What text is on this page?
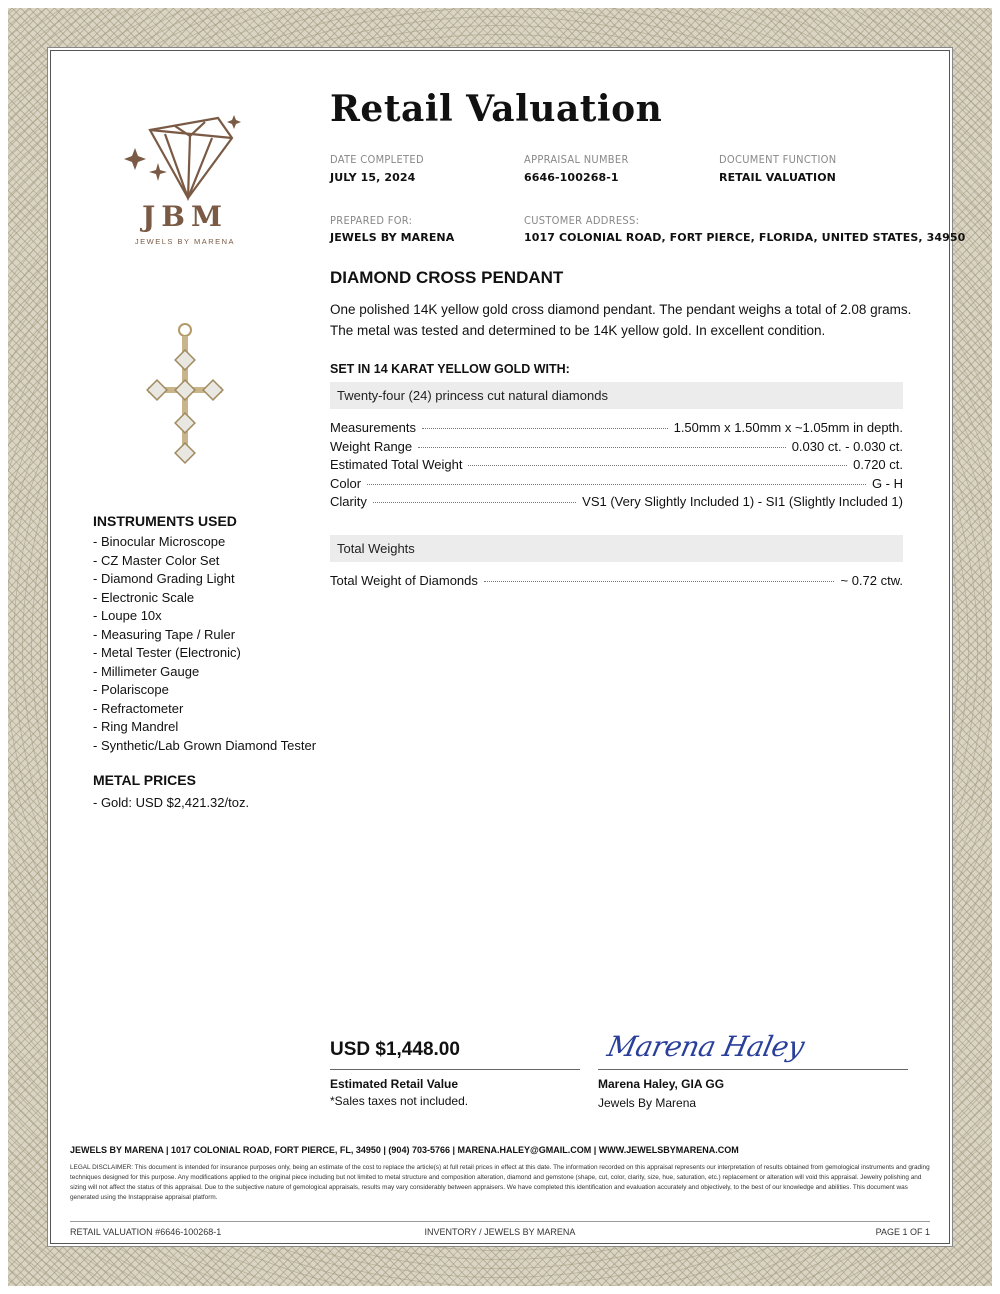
JBM
JEWELS BY MARENA
Retail Valuation
DATE COMPLETED
JULY 15, 2024
APPRAISAL NUMBER
6646-100268-1
DOCUMENT FUNCTION
RETAIL VALUATION
PREPARED FOR:
JEWELS BY MARENA
CUSTOMER ADDRESS:
1017 COLONIAL ROAD, FORT PIERCE, FLORIDA, UNITED STATES, 34950
DIAMOND CROSS PENDANT
One polished 14K yellow gold cross diamond pendant. The pendant weighs a total of 2.08 grams. The metal was tested and determined to be 14K yellow gold. In excellent condition.
SET IN 14 KARAT YELLOW GOLD WITH:
Twenty-four (24) princess cut natural diamonds
Measurements	1.50mm x 1.50mm x ~1.05mm in depth.
Weight Range	0.030 ct. - 0.030 ct.
Estimated Total Weight	0.720 ct.
Color	G - H
Clarity	VS1 (Very Slightly Included 1) - SI1 (Slightly Included 1)
Total Weights
Total Weight of Diamonds	~ 0.72 ctw.
INSTRUMENTS USED
- Binocular Microscope
- CZ Master Color Set
- Diamond Grading Light
- Electronic Scale
- Loupe 10x
- Measuring Tape / Ruler
- Metal Tester (Electronic)
- Millimeter Gauge
- Polariscope
- Refractometer
- Ring Mandrel
- Synthetic/Lab Grown Diamond Tester
METAL PRICES
- Gold: USD $2,421.32/toz.
USD $1,448.00
Estimated Retail Value
*Sales taxes not included.
Marena Haley
Marena Haley, GIA GG
Jewels By Marena
JEWELS BY MARENA | 1017 COLONIAL ROAD, FORT PIERCE, FL, 34950 | (904) 703-5766 | MARENA.HALEY@GMAIL.COM | WWW.JEWELSBYMARENA.COM
LEGAL DISCLAIMER: This document is intended for insurance purposes only, being an estimate of the cost to replace the article(s) at full retail prices in effect at this date. The information recorded on this appraisal represents our interpretation of results obtained from gemological instruments and grading techniques designed for this purpose. Any modifications applied to the original piece including but not limited to metal structure and composition alteration, diamond and gemstone (shape, cut, color, clarity, size, hue, saturation, etc.) replacement or alteration will void this appraisal. Jewelry polishing and sizing will not affect the status of this appraisal. Due to the subjective nature of gemological appraisals, results may vary considerably between appraisers. We have completed this identification and evaluation accurately and objectively, to the best of our knowledge and abilities. This document was generated using the Instappraise appraisal platform.
RETAIL VALUATION #6646-100268-1	INVENTORY / JEWELS BY MARENA	PAGE 1 OF 1
